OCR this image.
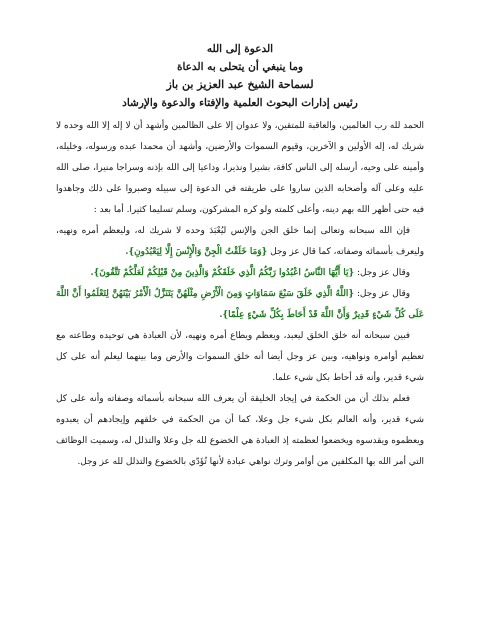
الدعوة إلى الله

وما ينبغي أن يتحلى به الدعاة

لسماحة الشيخ عبد العزيز بن باز

رئيس إدارات البحوث العلمية والإفتاء والدعوة والإرشاد

الحمد لله رب العالمين، والعاقبة للمتقين، ولا عدوان إلا على الظالمين وأشهد أن لا إله إلا الله وحده لا شريك له، إله الأولين و الآخرين، وقيوم السموات والأرضين، وأشهد أن محمدا عبده ورسوله، وخليله، وأمينه على وحيه، أرسله إلى الناس كافة، بشيرا ونذيرا، وداعيا إلى الله بإذنه وسراجا منيرا، صلى الله عليه وعلى آله وأصحابه الذين ساروا على طريقته في الدعوة إلى سبيله وصبروا على ذلك وجاهدوا فيه حتى أظهر الله بهم دينه، وأعلى كلمته ولو كره المشركون، وسلم تسليما كثيرا. أما بعد :

فإن الله سبحانه وتعالى إنما خلق الجن والإنس ليُعْبَدَ وحده لا شريك له، وليعظم أمره ونهيه، وليعرف بأسمائه وصفاته، كما قال عز وجل {وَمَا خَلَقْتُ الْجِنَّ وَالْإِنْسَ إِلَّا لِيَعْبُدُونِ}.

وقال عز وجل: {يَا أَيُّهَا النَّاسُ اعْبُدُوا رَبَّكُمُ الَّذِي خَلَقَكُمْ وَالَّذِينَ مِنْ قَبْلِكُمْ لَعَلَّكُمْ تَتَّقُونَ}.

وقال عز وجل: {اللَّهُ الَّذِي خَلَقَ سَبْعَ سَمَاوَاتٍ وَمِنَ الْأَرْضِ مِثْلَهُنَّ يَتَنَزَّلُ الْأَمْرُ بَيْنَهُنَّ لِتَعْلَمُوا أَنَّ اللَّهَ عَلَى كُلِّ شَيْءٍ قَدِيرٌ وَأَنَّ اللَّهَ قَدْ أَحَاطَ بِكُلِّ شَيْءٍ عِلْمًا}.

فبين سبحانه أنه خلق الخلق ليعبد، ويعظم ويطاع أمره ونهيه، لأن العبادة هي توحيده وطاعته مع تعظيم أوامره ونواهيه، وبين عز وجل أيضا أنه خلق السموات والأرض وما بينهما ليعلم أنه على كل شيء قدير، وأنه قد أحاط بكل شيء علما.

فعلم بذلك أن من الحكمة في إيجاد الخليقة أن يعرف الله سبحانه بأسمائه وصفاته وأنه على كل شيء قدير، وأنه العالم بكل شيء جل وعلا، كما أن من الحكمة في خلقهم وإيجادهم أن يعبدوه ويعظموه ويقدسوه ويخضعوا لعظمته إذ العبادة هي الخضوع لله جل وعلا والتذلل له، وسميت الوظائف التي أمر الله بها المكلفين من أوامر وترك نواهي عبادة لأنها تُؤَدّي بالخضوع والتذلل لله عز وجل.
